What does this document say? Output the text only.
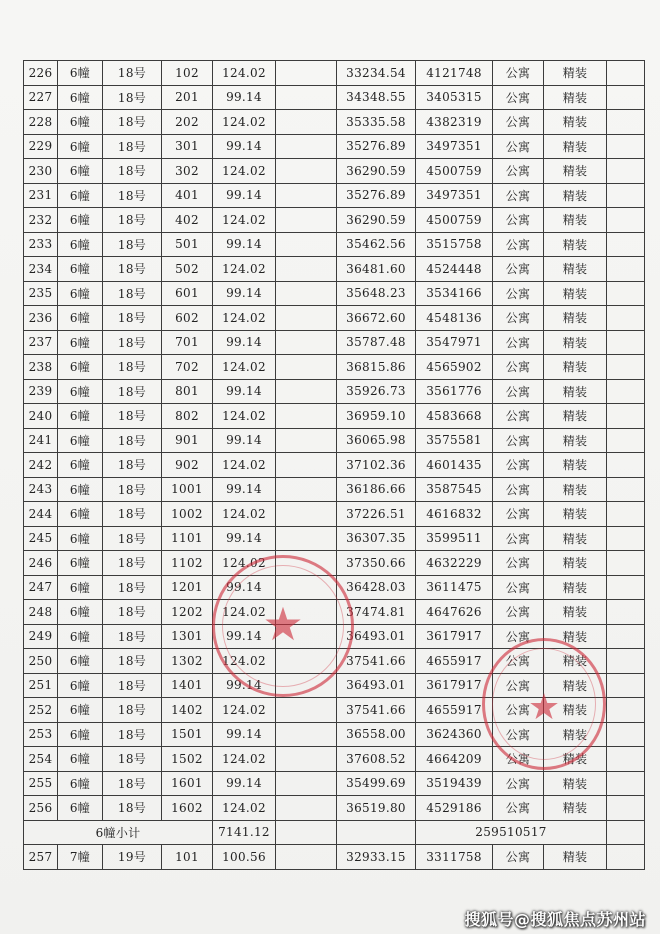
226	6幢	18号	102	124.02		33234.54	4121748	公寓	精装	
227	6幢	18号	201	99.14		34348.55	3405315	公寓	精装	
228	6幢	18号	202	124.02		35335.58	4382319	公寓	精装	
229	6幢	18号	301	99.14		35276.89	3497351	公寓	精装	
230	6幢	18号	302	124.02		36290.59	4500759	公寓	精装	
231	6幢	18号	401	99.14		35276.89	3497351	公寓	精装	
232	6幢	18号	402	124.02		36290.59	4500759	公寓	精装	
233	6幢	18号	501	99.14		35462.56	3515758	公寓	精装	
234	6幢	18号	502	124.02		36481.60	4524448	公寓	精装	
235	6幢	18号	601	99.14		35648.23	3534166	公寓	精装	
236	6幢	18号	602	124.02		36672.60	4548136	公寓	精装	
237	6幢	18号	701	99.14		35787.48	3547971	公寓	精装	
238	6幢	18号	702	124.02		36815.86	4565902	公寓	精装	
239	6幢	18号	801	99.14		35926.73	3561776	公寓	精装	
240	6幢	18号	802	124.02		36959.10	4583668	公寓	精装	
241	6幢	18号	901	99.14		36065.98	3575581	公寓	精装	
242	6幢	18号	902	124.02		37102.36	4601435	公寓	精装	
243	6幢	18号	1001	99.14		36186.66	3587545	公寓	精装	
244	6幢	18号	1002	124.02		37226.51	4616832	公寓	精装	
245	6幢	18号	1101	99.14		36307.35	3599511	公寓	精装	
246	6幢	18号	1102	124.02		37350.66	4632229	公寓	精装	
247	6幢	18号	1201	99.14		36428.03	3611475	公寓	精装	
248	6幢	18号	1202	124.02		37474.81	4647626	公寓	精装	
249	6幢	18号	1301	99.14		36493.01	3617917	公寓	精装	
250	6幢	18号	1302	124.02		37541.66	4655917	公寓	精装	
251	6幢	18号	1401	99.14		36493.01	3617917	公寓	精装	
252	6幢	18号	1402	124.02		37541.66	4655917	公寓	精装	
253	6幢	18号	1501	99.14		36558.00	3624360	公寓	精装	
254	6幢	18号	1502	124.02		37608.52	4664209	公寓	精装	
255	6幢	18号	1601	99.14		35499.69	3519439	公寓	精装	
256	6幢	18号	1602	124.02		36519.80	4529186	公寓	精装	
6幢小计				7141.12			259510517			
257	7幢	19号	101	100.56		32933.15	3311758	公寓	精装	
★
★
搜狐号@搜狐焦点苏州站
